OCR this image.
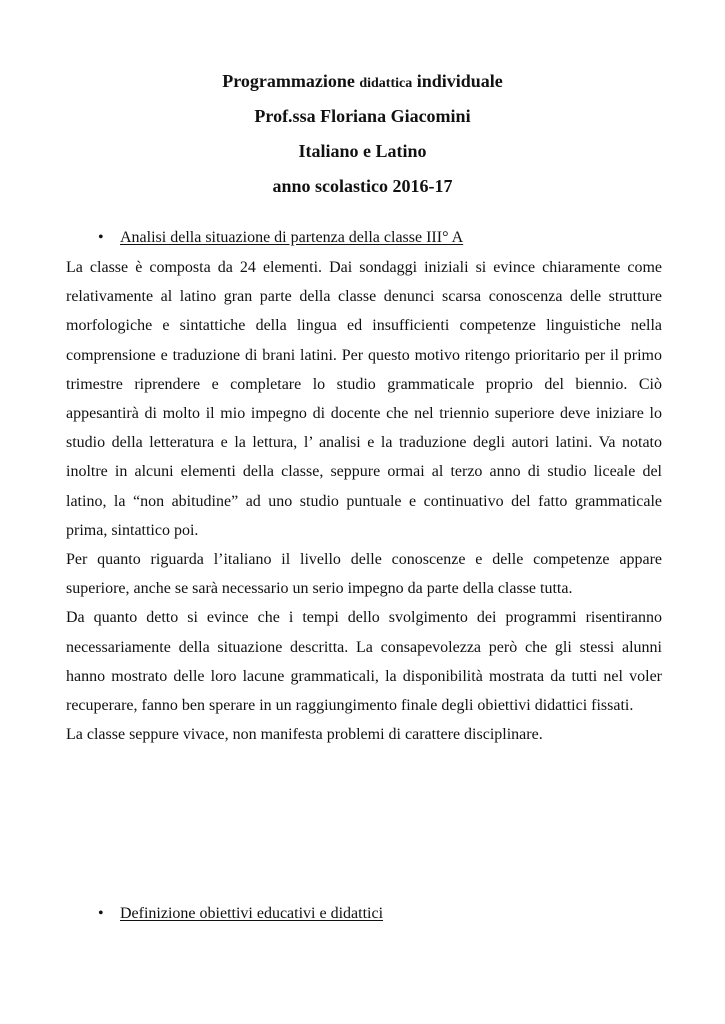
Programmazione didattica individuale
Prof.ssa Floriana Giacomini
Italiano e Latino
anno scolastico 2016-17
• Analisi della situazione di partenza della classe III° A
La classe è composta da 24 elementi. Dai sondaggi iniziali si evince chiaramente come relativamente al latino gran parte della classe denunci scarsa conoscenza delle strutture morfologiche e sintattiche della lingua ed insufficienti competenze linguistiche nella comprensione e traduzione di brani latini. Per questo motivo ritengo prioritario per il primo trimestre riprendere e completare lo studio grammaticale proprio del biennio. Ciò appesantirà di molto il mio impegno di docente che nel triennio superiore deve iniziare lo studio della letteratura e la lettura, l’ analisi e la traduzione degli autori latini. Va notato inoltre in alcuni elementi della classe, seppure ormai al terzo anno di studio liceale del latino, la “non abitudine” ad uno studio puntuale e continuativo del fatto grammaticale prima, sintattico poi.
Per quanto riguarda l’italiano il livello delle conoscenze e delle competenze appare superiore, anche se sarà necessario un serio impegno da parte della classe tutta.
Da quanto detto si evince che i tempi dello svolgimento dei programmi risentiranno necessariamente della situazione descritta. La consapevolezza però che gli stessi alunni hanno mostrato delle loro lacune grammaticali, la disponibilità mostrata da tutti nel voler recuperare, fanno ben sperare in un raggiungimento finale degli obiettivi didattici fissati.
La classe seppure vivace, non manifesta problemi di carattere disciplinare.
• Definizione obiettivi educativi e didattici
